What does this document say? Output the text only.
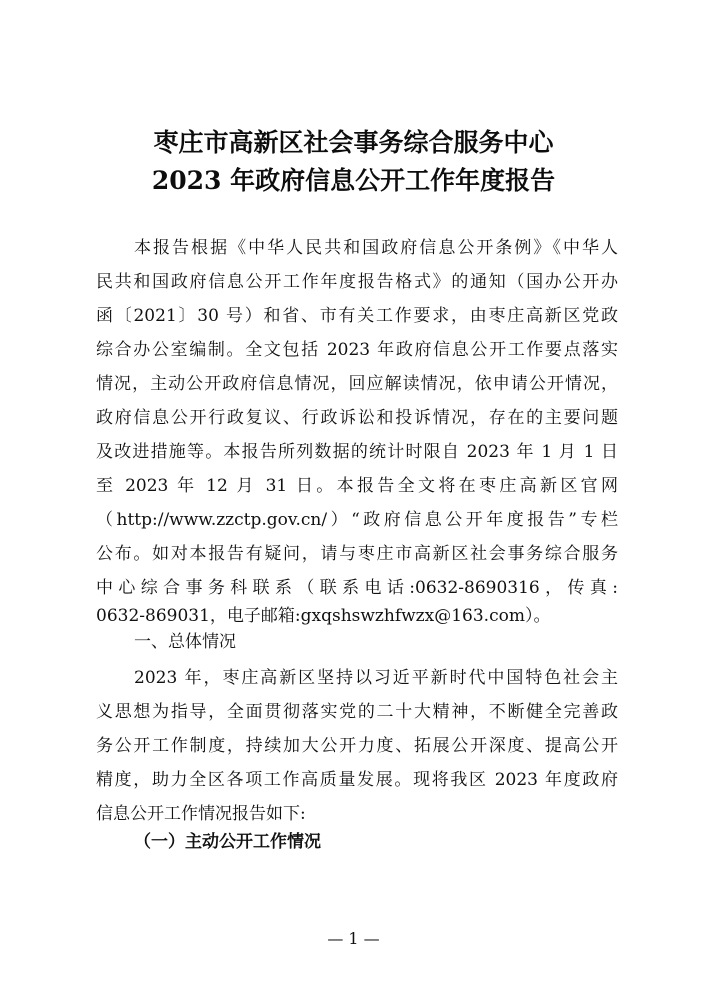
枣庄市高新区社会事务综合服务中心
2023 年政府信息公开工作年度报告
本报告根据《中华人民共和国政府信息公开条例》《中华人
民共和国政府信息公开工作年度报告格式》的通知（国办公开办
函〔2021〕30 号）和省、市有关工作要求，由枣庄高新区党政
综合办公室编制。全文包括 2023 年政府信息公开工作要点落实
情况，主动公开政府信息情况，回应解读情况，依申请公开情况，
政府信息公开行政复议、行政诉讼和投诉情况，存在的主要问题
及改进措施等。本报告所列数据的统计时限自 2023 年 1 月 1 日
至 2023 年 12 月 31 日。本报告全文将在枣庄高新区官网
（http://www.zzctp.gov.cn/）“政府信息公开年度报告”专栏
公布。如对本报告有疑问，请与枣庄市高新区社会事务综合服务
中心综合事务科联系（联系电话:0632-8690316，传真:
0632-869031，电子邮箱:gxqshswzhfwzx@163.com）。
一、总体情况
2023 年，枣庄高新区坚持以习近平新时代中国特色社会主
义思想为指导，全面贯彻落实党的二十大精神，不断健全完善政
务公开工作制度，持续加大公开力度、拓展公开深度、提高公开
精度，助力全区各项工作高质量发展。现将我区 2023 年度政府
信息公开工作情况报告如下:
（一）主动公开工作情况
— 1 —
